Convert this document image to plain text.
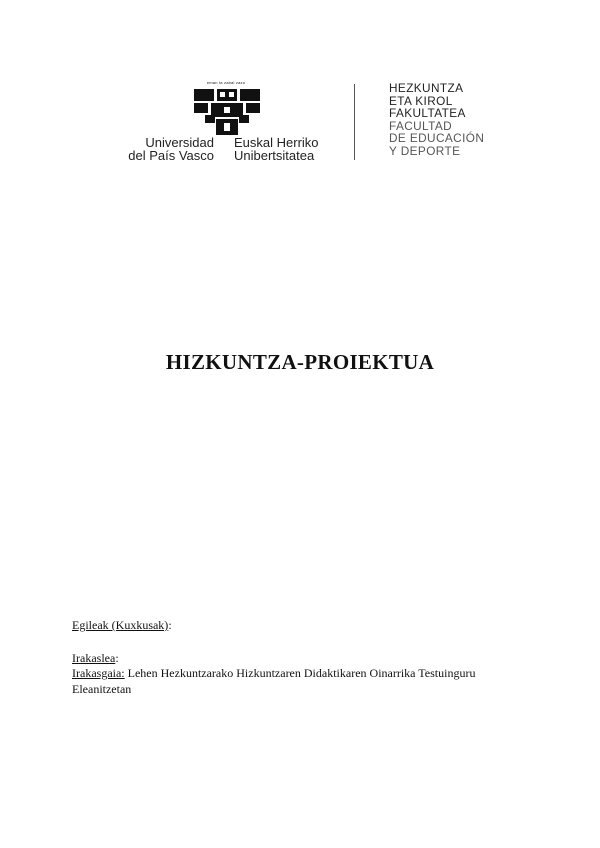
eman ta zabal zazu
Universidad
del País Vasco
Euskal Herriko
Unibertsitatea
HEZKUNTZA
ETA KIROL
FAKULTATEA
FACULTAD
DE EDUCACIÓN
Y DEPORTE
HIZKUNTZA-PROIEKTUA
Egileak (Kuxkusak):
Irakaslea:
Irakasgaia: Lehen Hezkuntzarako Hizkuntzaren Didaktikaren Oinarrika Testuinguru Eleanitzetan
